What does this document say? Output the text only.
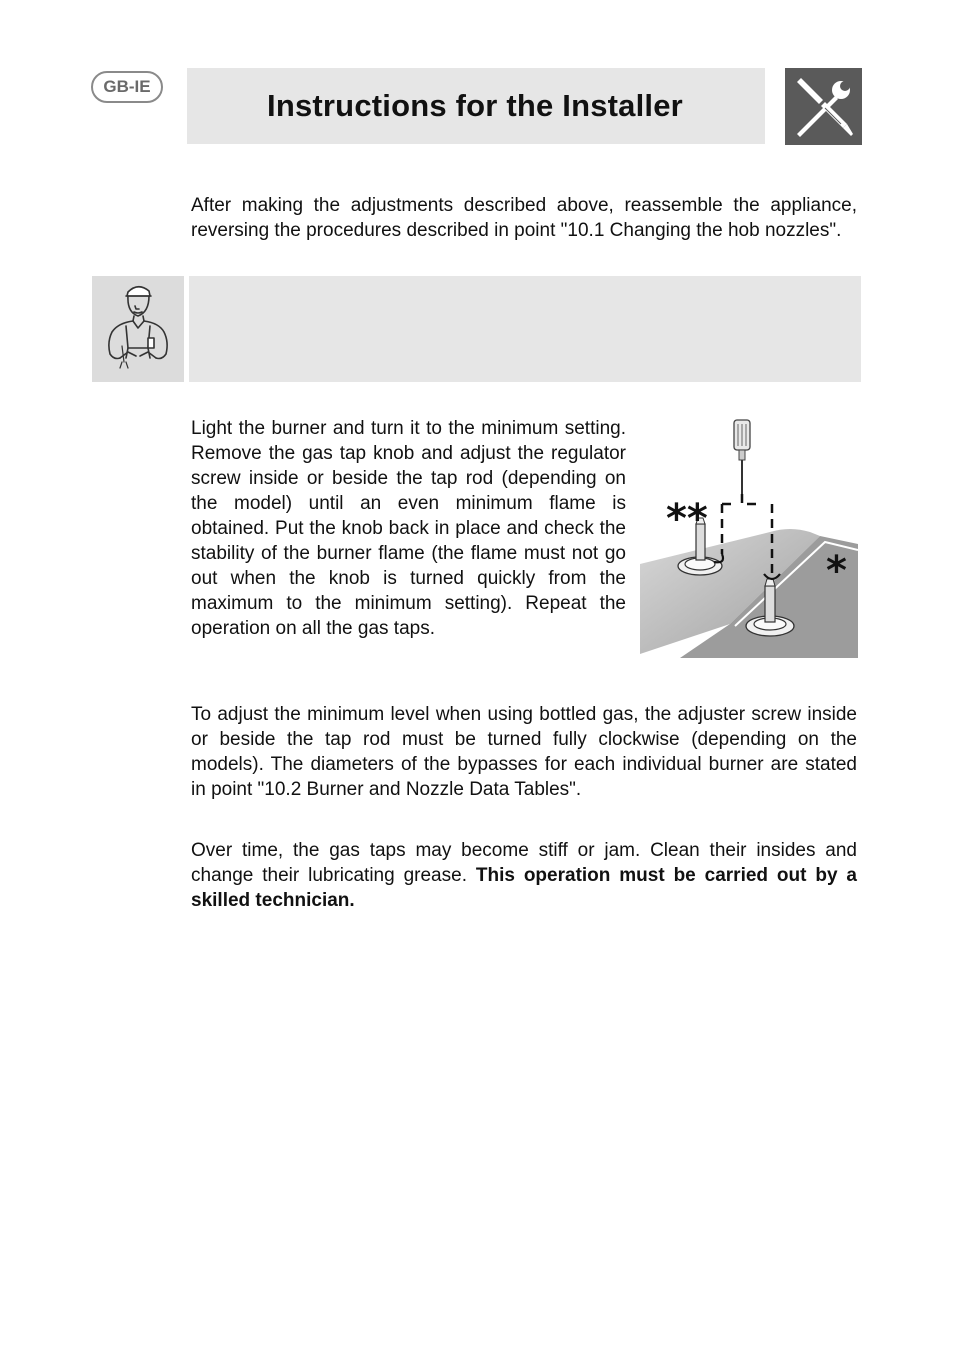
GB-IE
Instructions for the Installer

After making the adjustments described above, reassemble the appliance, reversing the procedures described in point "10.1 Changing the hob nozzles".

Light the burner and turn it to the minimum setting. Remove the gas tap knob and adjust the regulator screw inside or beside the tap rod (depending on the model) until an even minimum flame is obtained. Put the knob back in place and check the stability of the burner flame (the flame must not go out when the knob is turned quickly from the maximum to the minimum setting). Repeat the operation on all the gas taps.

**
*

To adjust the minimum level when using bottled gas, the adjuster screw inside or beside the tap rod must be turned fully clockwise (depending on the models). The diameters of the bypasses for each individual burner are stated in point "10.2 Burner and Nozzle Data Tables".

Over time, the gas taps may become stiff or jam. Clean their insides and change their lubricating grease. This operation must be carried out by a skilled technician.
